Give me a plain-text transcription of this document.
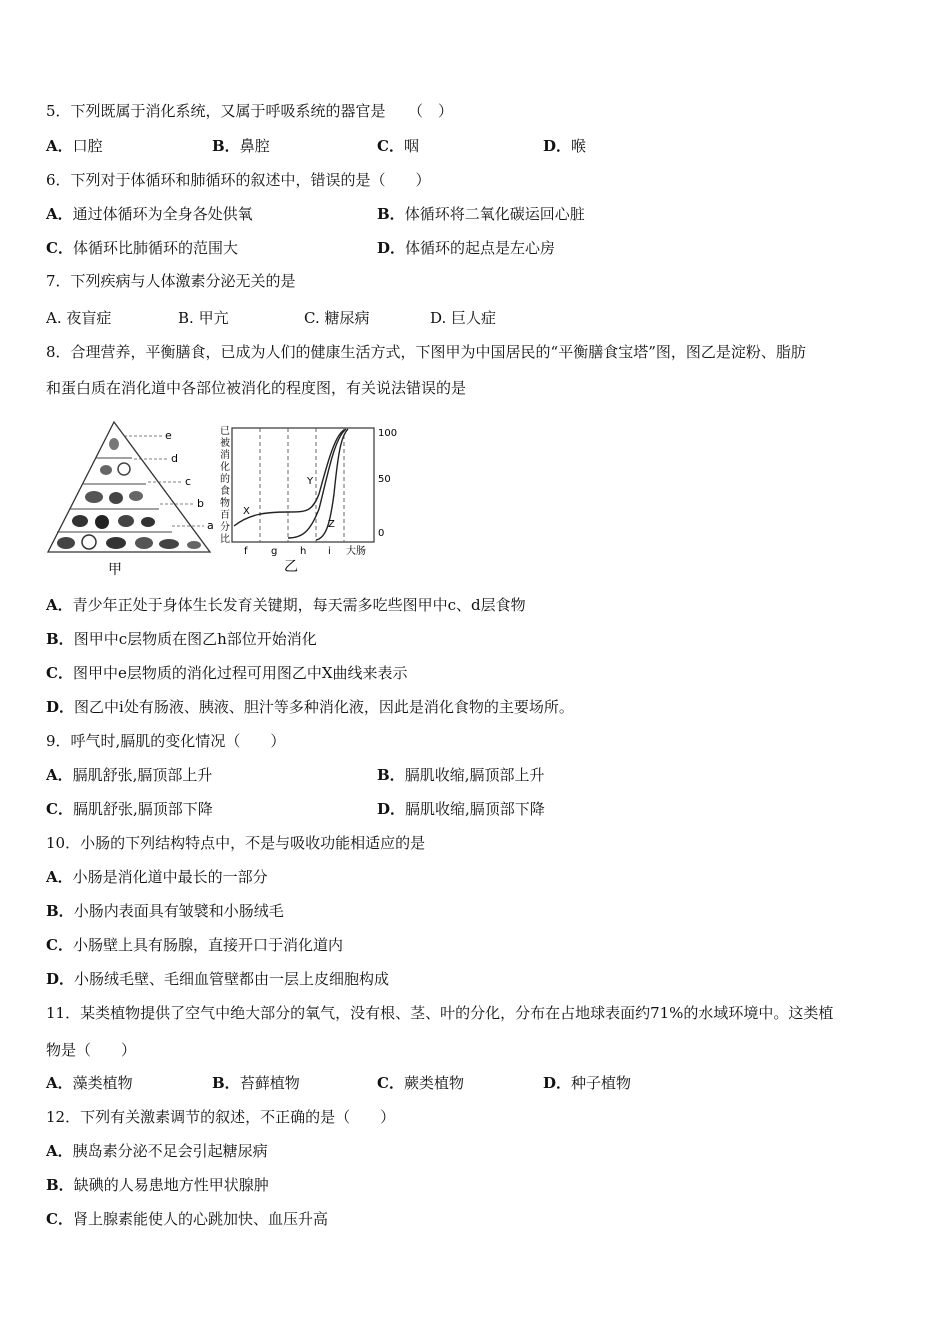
5．下列既属于消化系统，又属于呼吸系统的器官是　　（　）
A．口腔	B．鼻腔	C．咽	D．喉
6．下列对于体循环和肺循环的叙述中，错误的是（　　）
A．通过体循环为全身各处供氧	B．体循环将二氧化碳运回心脏
C．体循环比肺循环的范围大	D．体循环的起点是左心房
7．下列疾病与人体激素分泌无关的是
A. 夜盲症	B. 甲亢	C. 糖尿病	D. 巨人症
8．合理营养，平衡膳食，已成为人们的健康生活方式，下图甲为中国居民的“平衡膳食宝塔”图，图乙是淀粉、脂肪
和蛋白质在消化道中各部位被消化的程度图，有关说法错误的是
e
d
c
b
a
甲
已
被
消
化
的
食
物
百
分
比
X
Y
Z
100
50
0
f g h i 大肠
乙
A．青少年正处于身体生长发育关键期，每天需多吃些图甲中c、d层食物
B．图甲中c层物质在图乙h部位开始消化
C．图甲中e层物质的消化过程可用图乙中X曲线来表示
D．图乙中i处有肠液、胰液、胆汁等多种消化液，因此是消化食物的主要场所。
9．呼气时,膈肌的变化情况（　　）
A．膈肌舒张,膈顶部上升	B．膈肌收缩,膈顶部上升
C．膈肌舒张,膈顶部下降	D．膈肌收缩,膈顶部下降
10．小肠的下列结构特点中，不是与吸收功能相适应的是
A．小肠是消化道中最长的一部分
B．小肠内表面具有皱襞和小肠绒毛
C．小肠壁上具有肠腺，直接开口于消化道内
D．小肠绒毛壁、毛细血管壁都由一层上皮细胞构成
11．某类植物提供了空气中绝大部分的氧气，没有根、茎、叶的分化，分布在占地球表面约71%的水域环境中。这类植
物是（　　）
A．藻类植物	B．苔藓植物	C．蕨类植物	D．种子植物
12．下列有关激素调节的叙述，不正确的是（　　）
A．胰岛素分泌不足会引起糖尿病
B．缺碘的人易患地方性甲状腺肿
C．肾上腺素能使人的心跳加快、血压升高
